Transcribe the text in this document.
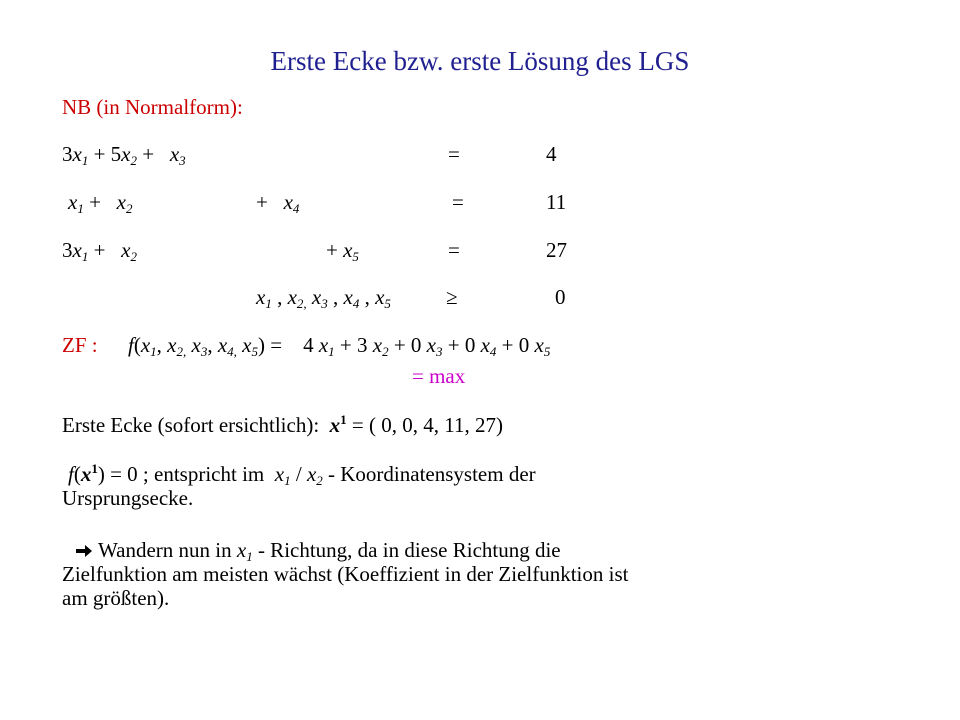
Erste Ecke bzw. erste Lösung des LGS
NB (in Normalform):
$3x_1 + 5x_2 + x_3$	=	4
$x_1 + x_2$	+   $x_4$	=	11
$3x_1 + x_2$	+ $x_5$	=	27
$x_1$ , $x_{2,}$ $x_3$ , $x_4$ , $x_5$	≥	0
ZF : $f(x_1$, $x_{2,}$ $x_3$, $x_{4,}$ $x_5$) =    4 $x_1 + 3$ $x_2 + 0$ $x_3 + 0$ $x_4 + 0$ $x_5$
= max
Erste Ecke (sofort ersichtlich): $x^1$ = ( 0, 0, 4, 11, 27)
$f(x^1) = 0$ ; entspricht im $x_1 / x_2$ - Koordinatensystem der
Ursprungsecke.
Wandern nun in $x_1$ - Richtung, da in diese Richtung die
Zielfunktion am meisten wächst (Koeffizient in der Zielfunktion ist
am größten).
